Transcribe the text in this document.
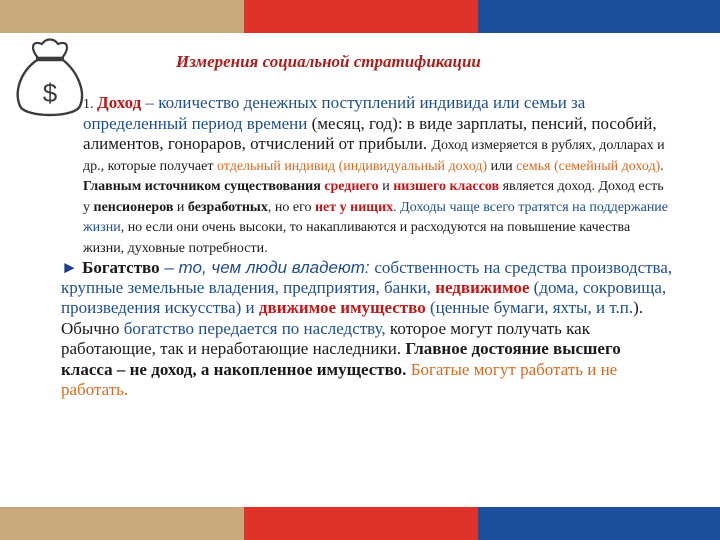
$
Измерения социальной стратификации

1. Доход – количество денежных поступлений индивида или семьи за определенный период времени (месяц, год): в виде зарплаты, пенсий, пособий, алиментов, гонораров, отчислений от прибыли. Доход измеряется в рублях, долларах и др., которые получает отдельный индивид (индивидуальный доход) или семья (семейный доход). Главным источником существования среднего и низшего классов является доход. Доход есть у пенсионеров и безработных, но его нет у нищих. Доходы чаще всего тратятся на поддержание жизни, но если они очень высоки, то накапливаются и расходуются на повышение качества жизни, духовные потребности.

► Богатство – то, чем люди владеют: собственность на средства производства, крупные земельные владения, предприятия, банки, недвижимое (дома, сокровища, произведения искусства) и движимое имущество (ценные бумаги, яхты, и т.п.). Обычно богатство передается по наследству, которое могут получать как работающие, так и неработающие наследники. Главное достояние высшего класса – не доход, а накопленное имущество. Богатые могут работать и не работать.
